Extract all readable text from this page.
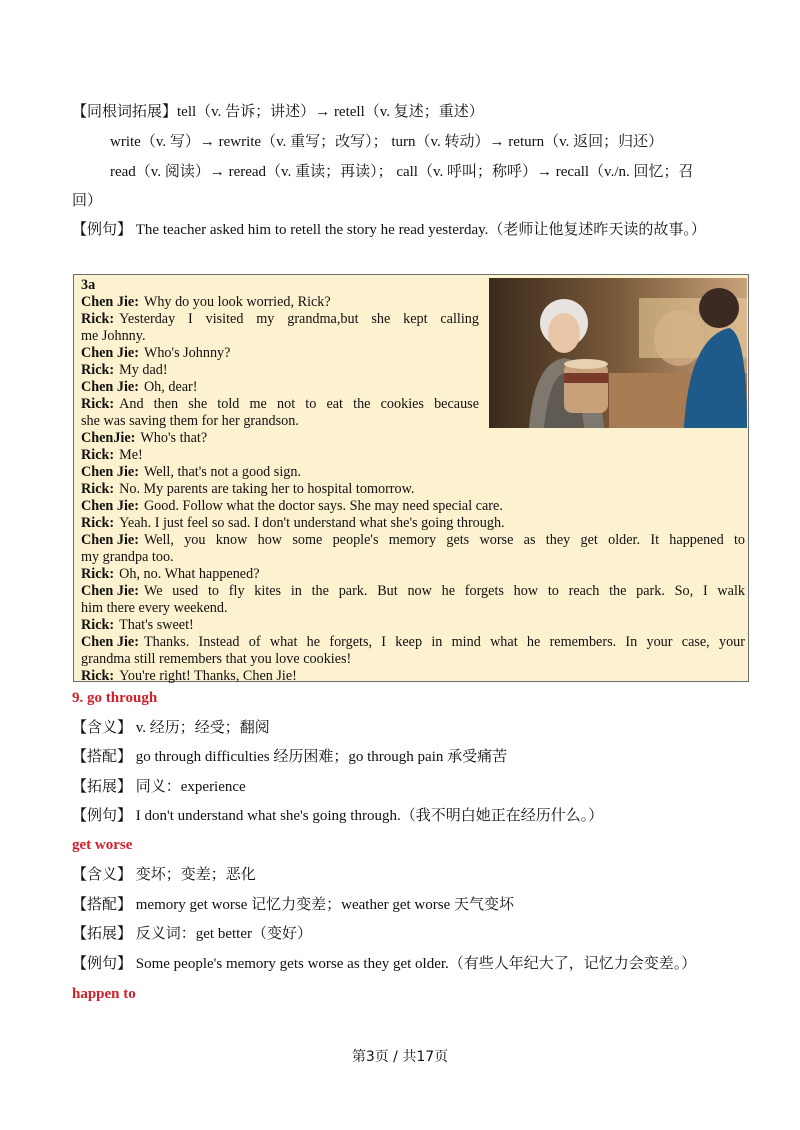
【同根词拓展】tell（v. 告诉；讲述）→ retell（v. 复述；重述）
write（v. 写）→ rewrite（v. 重写；改写）； turn（v. 转动）→ return（v. 返回；归还）
read（v. 阅读）→ reread（v. 重读；再读）； call（v. 呼叫；称呼）→ recall（v./n. 回忆；召
回）
【例句】 The teacher asked him to retell the story he read yesterday.（老师让他复述昨天读的故事。）
3a
Chen Jie: Why do you look worried, Rick?
Rick: Yesterday I visited my grandma,but she kept calling
me Johnny.
Chen Jie: Who's Johnny?
Rick: My dad!
Chen Jie: Oh, dear!
Rick: And then she told me not to eat the cookies because
she was saving them for her grandson.
ChenJie: Who's that?
Rick: Me!
Chen Jie: Well, that's not a good sign.
Rick: No. My parents are taking her to hospital tomorrow.
Chen Jie: Good. Follow what the doctor says. She may need special care.
Rick: Yeah. I just feel so sad. I don't understand what she's going through.
Chen Jie: Well, you know how some people's memory gets worse as they get older. It happened to
my grandpa too.
Rick: Oh, no. What happened?
Chen Jie: We used to fly kites in the park. But now he forgets how to reach the park. So, I walk
him there every weekend.
Rick: That's sweet!
Chen Jie: Thanks. Instead of what he forgets, I keep in mind what he remembers. In your case, your
grandma still remembers that you love cookies!
Rick: You're right! Thanks, Chen Jie!
9. go through
【含义】 v. 经历；经受；翻阅
【搭配】 go through difficulties 经历困难；go through pain 承受痛苦
【拓展】 同义：experience
【例句】 I don't understand what she's going through.（我不明白她正在经历什么。）
get worse
【含义】 变坏；变差；恶化
【搭配】 memory get worse 记忆力变差；weather get worse 天气变坏
【拓展】 反义词：get better（变好）
【例句】 Some people's memory gets worse as they get older.（有些人年纪大了，记忆力会变差。）
happen to
第3页 / 共17页
